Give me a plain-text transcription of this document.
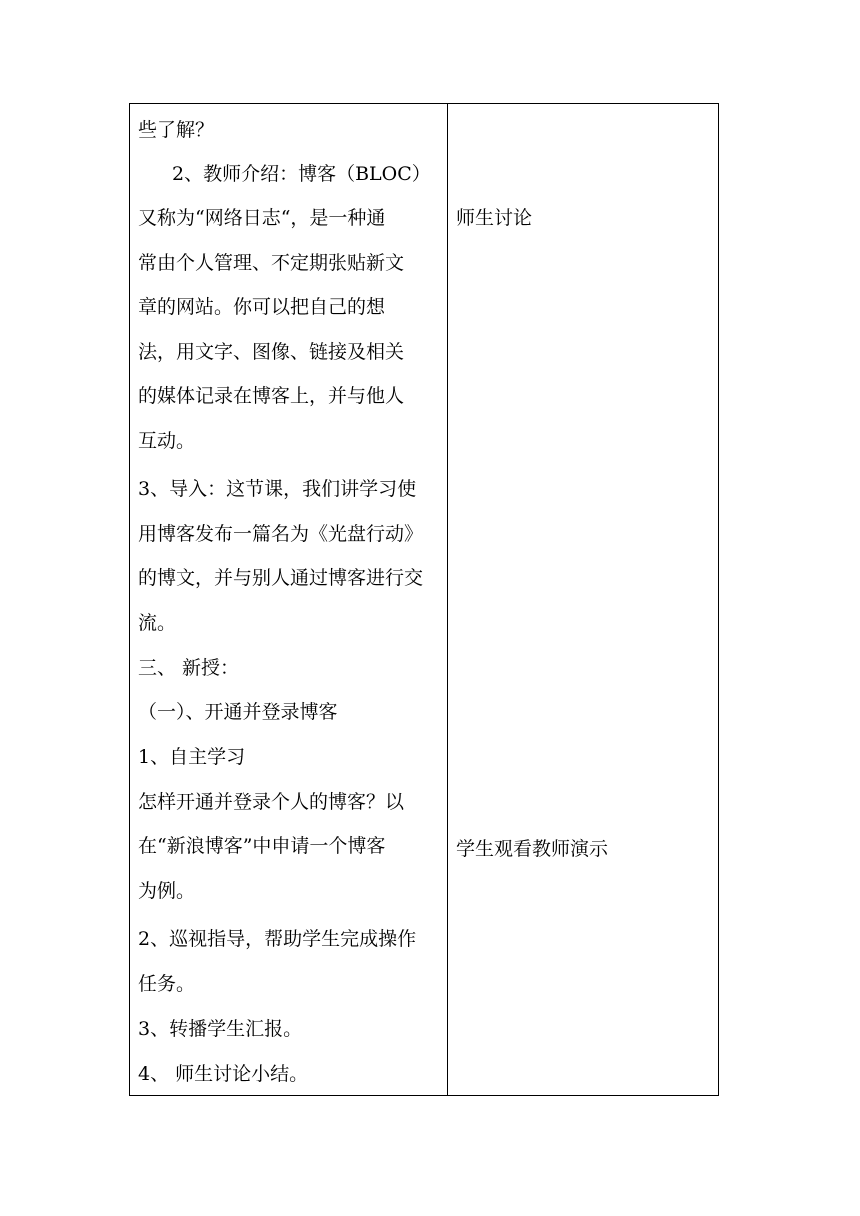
些了解？
2、教师介绍：博客（BLOC）
又称为“网络日志“，是一种通
常由个人管理、不定期张贴新文
章的网站。你可以把自己的想
法，用文字、图像、链接及相关
的媒体记录在博客上，并与他人
互动。
3、导入：这节课，我们讲学习使
用博客发布一篇名为《光盘行动》
的博文，并与别人通过博客进行交
流。
三、 新授：
（一）、开通并登录博客
1、自主学习
怎样开通并登录个人的博客？以
在“新浪博客”中申请一个博客
为例。
2、巡视指导，帮助学生完成操作
任务。
3、转播学生汇报。
4、 师生讨论小结。
师生讨论
学生观看教师演示
